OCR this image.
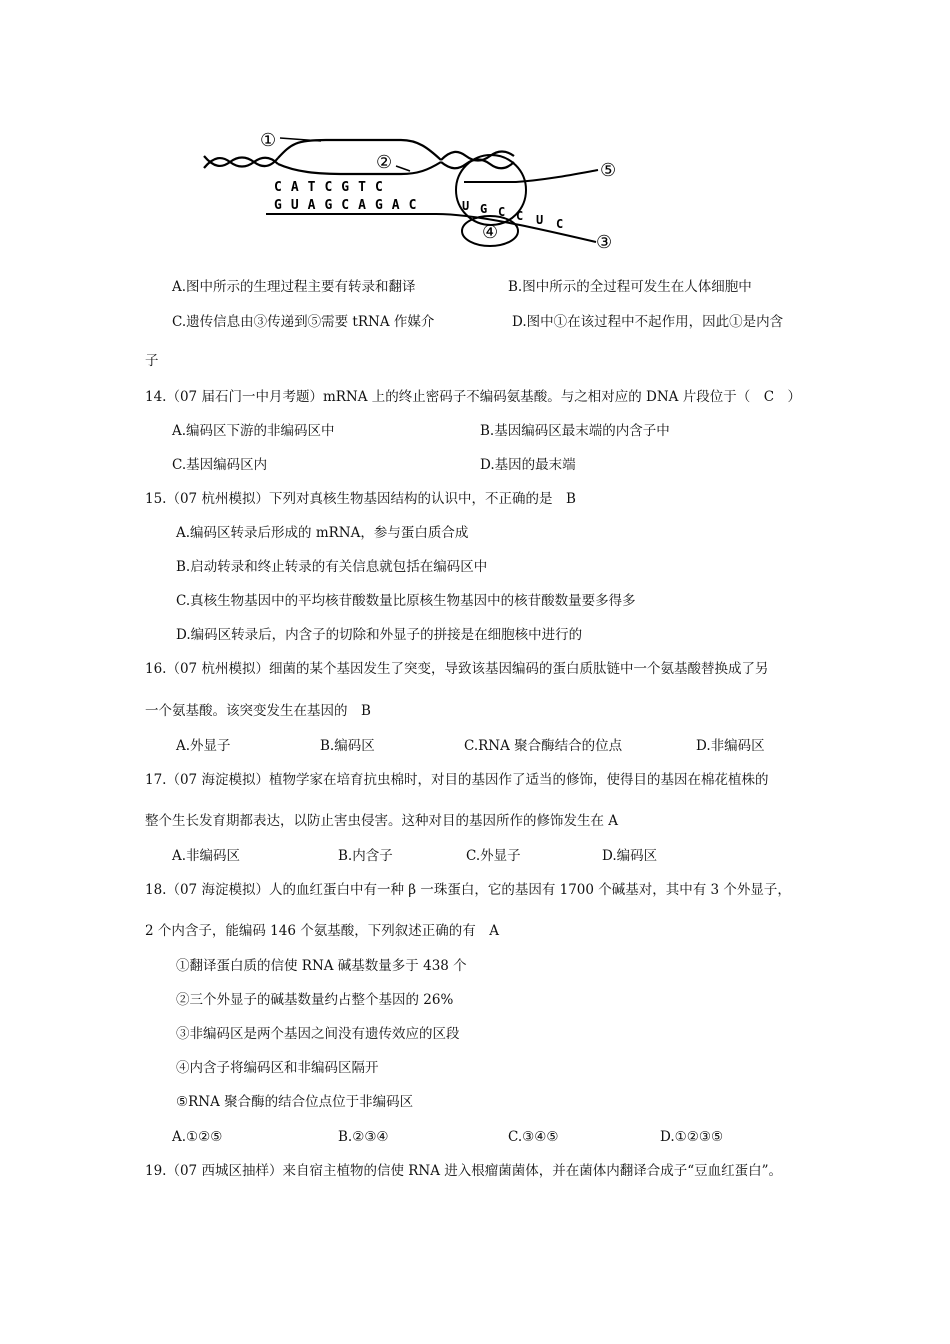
①
②	⑤
④	③
CATCGTC
GUAGCAGAC	U G C C U C
A.图中所示的生理过程主要有转录和翻译	B.图中所示的全过程可发生在人体细胞中
C.遗传信息由③传递到⑤需要 tRNA 作媒介	D.图中①在该过程中不起作用，因此①是内含
子
14.（07 届石门一中月考题）mRNA 上的终止密码子不编码氨基酸。与之相对应的 DNA 片段位于（　C　）
A.编码区下游的非编码区中	B.基因编码区最末端的内含子中
C.基因编码区内	D.基因的最末端
15.（07 杭州模拟）下列对真核生物基因结构的认识中，不正确的是　B
A.编码区转录后形成的 mRNA，参与蛋白质合成
B.启动转录和终止转录的有关信息就包括在编码区中
C.真核生物基因中的平均核苷酸数量比原核生物基因中的核苷酸数量要多得多
D.编码区转录后，内含子的切除和外显子的拼接是在细胞核中进行的
16.（07 杭州模拟）细菌的某个基因发生了突变，导致该基因编码的蛋白质肽链中一个氨基酸替换成了另
一个氨基酸。该突变发生在基因的　B
A.外显子	B.编码区	C.RNA 聚合酶结合的位点	D.非编码区
17.（07 海淀模拟）植物学家在培育抗虫棉时，对目的基因作了适当的修饰，使得目的基因在棉花植株的
整个生长发育期都表达，以防止害虫侵害。这种对目的基因所作的修饰发生在 A
A.非编码区	B.内含子	C.外显子	D.编码区
18.（07 海淀模拟）人的血红蛋白中有一种 β 一珠蛋白，它的基因有 1700 个碱基对，其中有 3 个外显子，
2 个内含子，能编码 146 个氨基酸，下列叙述正确的有　A
①翻译蛋白质的信使 RNA 碱基数量多于 438 个
②三个外显子的碱基数量约占整个基因的 26%
③非编码区是两个基因之间没有遗传效应的区段
④内含子将编码区和非编码区隔开
⑤RNA 聚合酶的结合位点位于非编码区
A.①②⑤	B.②③④	C.③④⑤	D.①②③⑤
19.（07 西城区抽样）来自宿主植物的信使 RNA 进入根瘤菌菌体，并在菌体内翻译合成子“豆血红蛋白”。
